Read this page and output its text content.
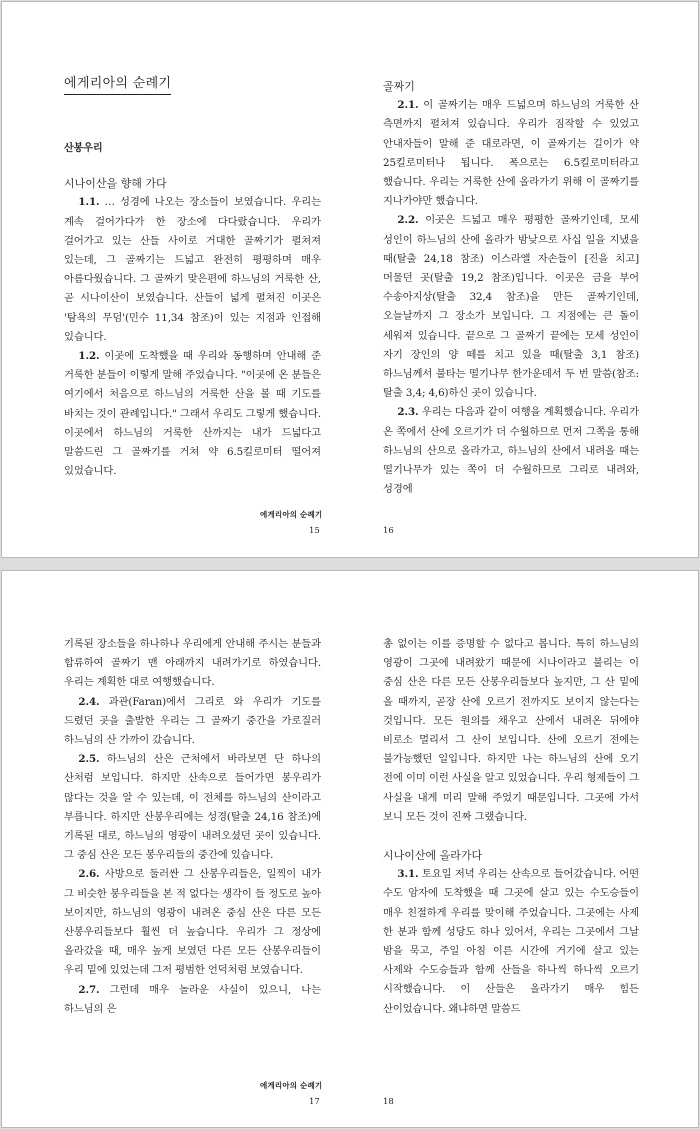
에게리아의 순례기

산봉우리

시나이산을 향해 가다

1.1. … 성경에 나오는 장소들이 보였습니다. 우리는 계속 걸어가다가 한 장소에 다다랐습니다. 우리가 걸어가고 있는 산들 사이로 거대한 골짜기가 펼쳐져 있는데, 그 골짜기는 드넓고 완전히 평평하며 매우 아름다웠습니다. 그 골짜기 맞은편에 하느님의 거룩한 산, 곧 시나이산이 보였습니다. 산들이 넓게 펼쳐진 이곳은 '탐욕의 무덤'(민수 11,34 참조)이 있는 지점과 인접해 있습니다.

1.2. 이곳에 도착했을 때 우리와 동행하며 안내해 준 거룩한 분들이 이렇게 말해 주었습니다. "이곳에 온 분들은 여기에서 처음으로 하느님의 거룩한 산을 볼 때 기도를 바치는 것이 관례입니다." 그래서 우리도 그렇게 했습니다. 이곳에서 하느님의 거룩한 산까지는 내가 드넓다고 말씀드린 그 골짜기를 거쳐 약 6.5킬로미터 떨어져 있었습니다.

에게리아의 순례기
15

골짜기

2.1. 이 골짜기는 매우 드넓으며 하느님의 거룩한 산 측면까지 펼쳐져 있습니다. 우리가 짐작할 수 있었고 안내자들이 말해 준 대로라면, 이 골짜기는 길이가 약 25킬로미터나 됩니다. 폭으로는 6.5킬로미터라고 했습니다. 우리는 거룩한 산에 올라가기 위해 이 골짜기를 지나가야만 했습니다.

2.2. 이곳은 드넓고 매우 평평한 골짜기인데, 모세 성인이 하느님의 산에 올라가 밤낮으로 사십 일을 지냈을 때(탈출 24,18 참조) 이스라엘 자손들이 [진을 치고] 머물던 곳(탈출 19,2 참조)입니다. 이곳은 금을 부어 수송아지상(탈출 32,4 참조)을 만든 골짜기인데, 오늘날까지 그 장소가 보입니다. 그 지점에는 큰 돌이 세워져 있습니다. 끝으로 그 골짜기 끝에는 모세 성인이 자기 장인의 양 떼를 치고 있을 때(탈출 3,1 참조) 하느님께서 불타는 떨기나무 한가운데서 두 번 말씀(참조: 탈출 3,4; 4,6)하신 곳이 있습니다.

2.3. 우리는 다음과 같이 여행을 계획했습니다. 우리가 온 쪽에서 산에 오르기가 더 수월하므로 먼저 그쪽을 통해 하느님의 산으로 올라가고, 하느님의 산에서 내려올 때는 떨기나무가 있는 쪽이 더 수월하므로 그리로 내려와, 성경에

16

기록된 장소들을 하나하나 우리에게 안내해 주시는 분들과 합류하여 골짜기 맨 아래까지 내려가기로 하였습니다. 우리는 계획한 대로 여행했습니다.

2.4. 과관(Faran)에서 그리로 와 우리가 기도를 드렸던 곳을 출발한 우리는 그 골짜기 중간을 가로질러 하느님의 산 가까이 갔습니다.

2.5. 하느님의 산은 근처에서 바라보면 단 하나의 산처럼 보입니다. 하지만 산속으로 들어가면 봉우리가 많다는 것을 알 수 있는데, 이 전체를 하느님의 산이라고 부릅니다. 하지만 산봉우리에는 성경(탈출 24,16 참조)에 기록된 대로, 하느님의 영광이 내려오셨던 곳이 있습니다. 그 중심 산은 모든 봉우리들의 중간에 있습니다.

2.6. 사방으로 둘러싼 그 산봉우리들은, 일찍이 내가 그 비슷한 봉우리들을 본 적 없다는 생각이 들 정도로 높아 보이지만, 하느님의 영광이 내려온 중심 산은 다른 모든 산봉우리들보다 훨씬 더 높습니다. 우리가 그 정상에 올라갔을 때, 매우 높게 보였던 다른 모든 산봉우리들이 우리 밑에 있었는데 그저 평범한 언덕처럼 보였습니다.

2.7. 그런데 매우 놀라운 사실이 있으니, 나는 하느님의 은

에게리아의 순례기
17

총 없이는 이를 증명할 수 없다고 봅니다. 특히 하느님의 영광이 그곳에 내려왔기 때문에 시나이라고 불리는 이 중심 산은 다른 모든 산봉우리들보다 높지만, 그 산 밑에 올 때까지, 곧장 산에 오르기 전까지도 보이지 않는다는 것입니다. 모든 원의를 채우고 산에서 내려온 뒤에야 비로소 멀리서 그 산이 보입니다. 산에 오르기 전에는 불가능했던 일입니다. 하지만 나는 하느님의 산에 오기 전에 이미 이런 사실을 알고 있었습니다. 우리 형제들이 그 사실을 내게 미리 말해 주었기 때문입니다. 그곳에 가서 보니 모든 것이 진짜 그랬습니다.

시나이산에 올라가다

3.1. 토요일 저녁 우리는 산속으로 들어갔습니다. 어떤 수도 암자에 도착했을 때 그곳에 살고 있는 수도승들이 매우 친절하게 우리를 맞이해 주었습니다. 그곳에는 사제 한 분과 함께 성당도 하나 있어서, 우리는 그곳에서 그날 밤을 묵고, 주일 아침 이른 시간에 거기에 살고 있는 사제와 수도승들과 함께 산들을 하나씩 하나씩 오르기 시작했습니다. 이 산들은 올라가기 매우 힘든 산이었습니다. 왜냐하면 말씀드

18
